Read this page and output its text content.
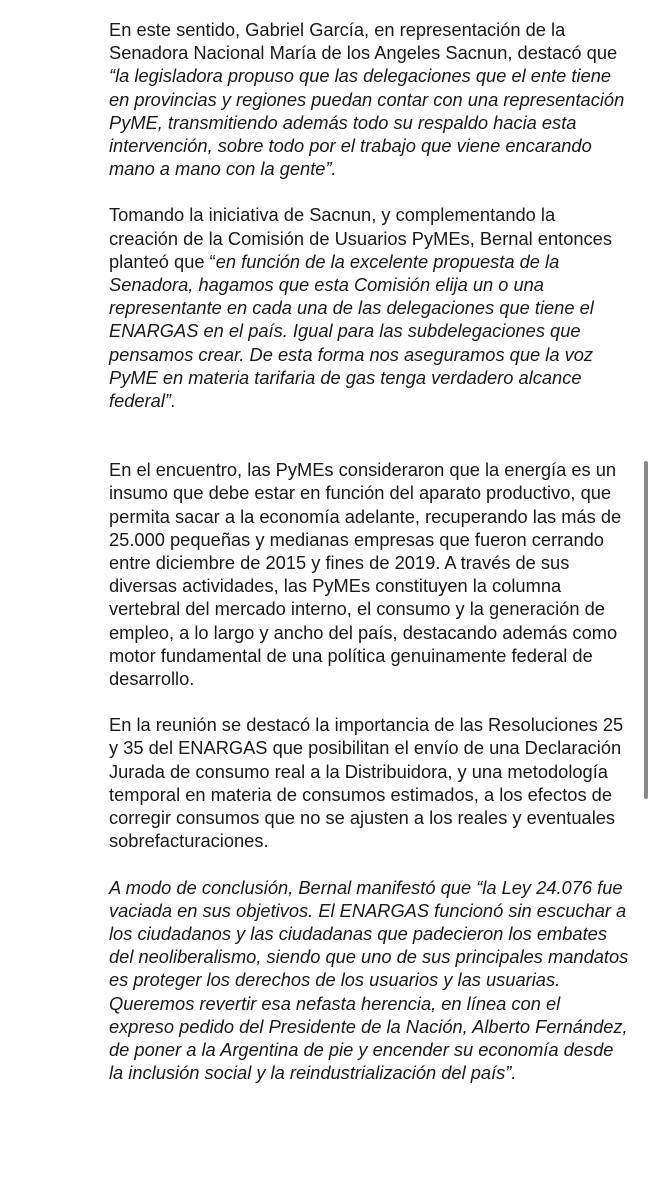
En este sentido, Gabriel García, en representación de la Senadora Nacional María de los Angeles Sacnun, destacó que “la legisladora propuso que las delegaciones que el ente tiene en provincias y regiones puedan contar con una representación PyME, transmitiendo además todo su respaldo hacia esta intervención, sobre todo por el trabajo que viene encarando mano a mano con la gente”.

Tomando la iniciativa de Sacnun, y complementando la creación de la Comisión de Usuarios PyMEs, Bernal entonces planteó que “en función de la excelente propuesta de la Senadora, hagamos que esta Comisión elija un o una representante en cada una de las delegaciones que tiene el ENARGAS en el país. Igual para las subdelegaciones que pensamos crear. De esta forma nos aseguramos que la voz PyME en materia tarifaria de gas tenga verdadero alcance federal”.

En el encuentro, las PyMEs consideraron que la energía es un insumo que debe estar en función del aparato productivo, que permita sacar a la economía adelante, recuperando las más de 25.000 pequeñas y medianas empresas que fueron cerrando entre diciembre de 2015 y fines de 2019. A través de sus diversas actividades, las PyMEs constituyen la columna vertebral del mercado interno, el consumo y la generación de empleo, a lo largo y ancho del país, destacando además como motor fundamental de una política genuinamente federal de desarrollo.

En la reunión se destacó la importancia de las Resoluciones 25 y 35 del ENARGAS que posibilitan el envío de una Declaración Jurada de consumo real a la Distribuidora, y una metodología temporal en materia de consumos estimados, a los efectos de corregir consumos que no se ajusten a los reales y eventuales sobrefacturaciones.

A modo de conclusión, Bernal manifestó que “la Ley 24.076 fue vaciada en sus objetivos. El ENARGAS funcionó sin escuchar a los ciudadanos y las ciudadanas que padecieron los embates del neoliberalismo, siendo que uno de sus principales mandatos es proteger los derechos de los usuarios y las usuarias. Queremos revertir esa nefasta herencia, en línea con el expreso pedido del Presidente de la Nación, Alberto Fernández, de poner a la Argentina de pie y encender su economía desde la inclusión social y la reindustrialización del país”.
